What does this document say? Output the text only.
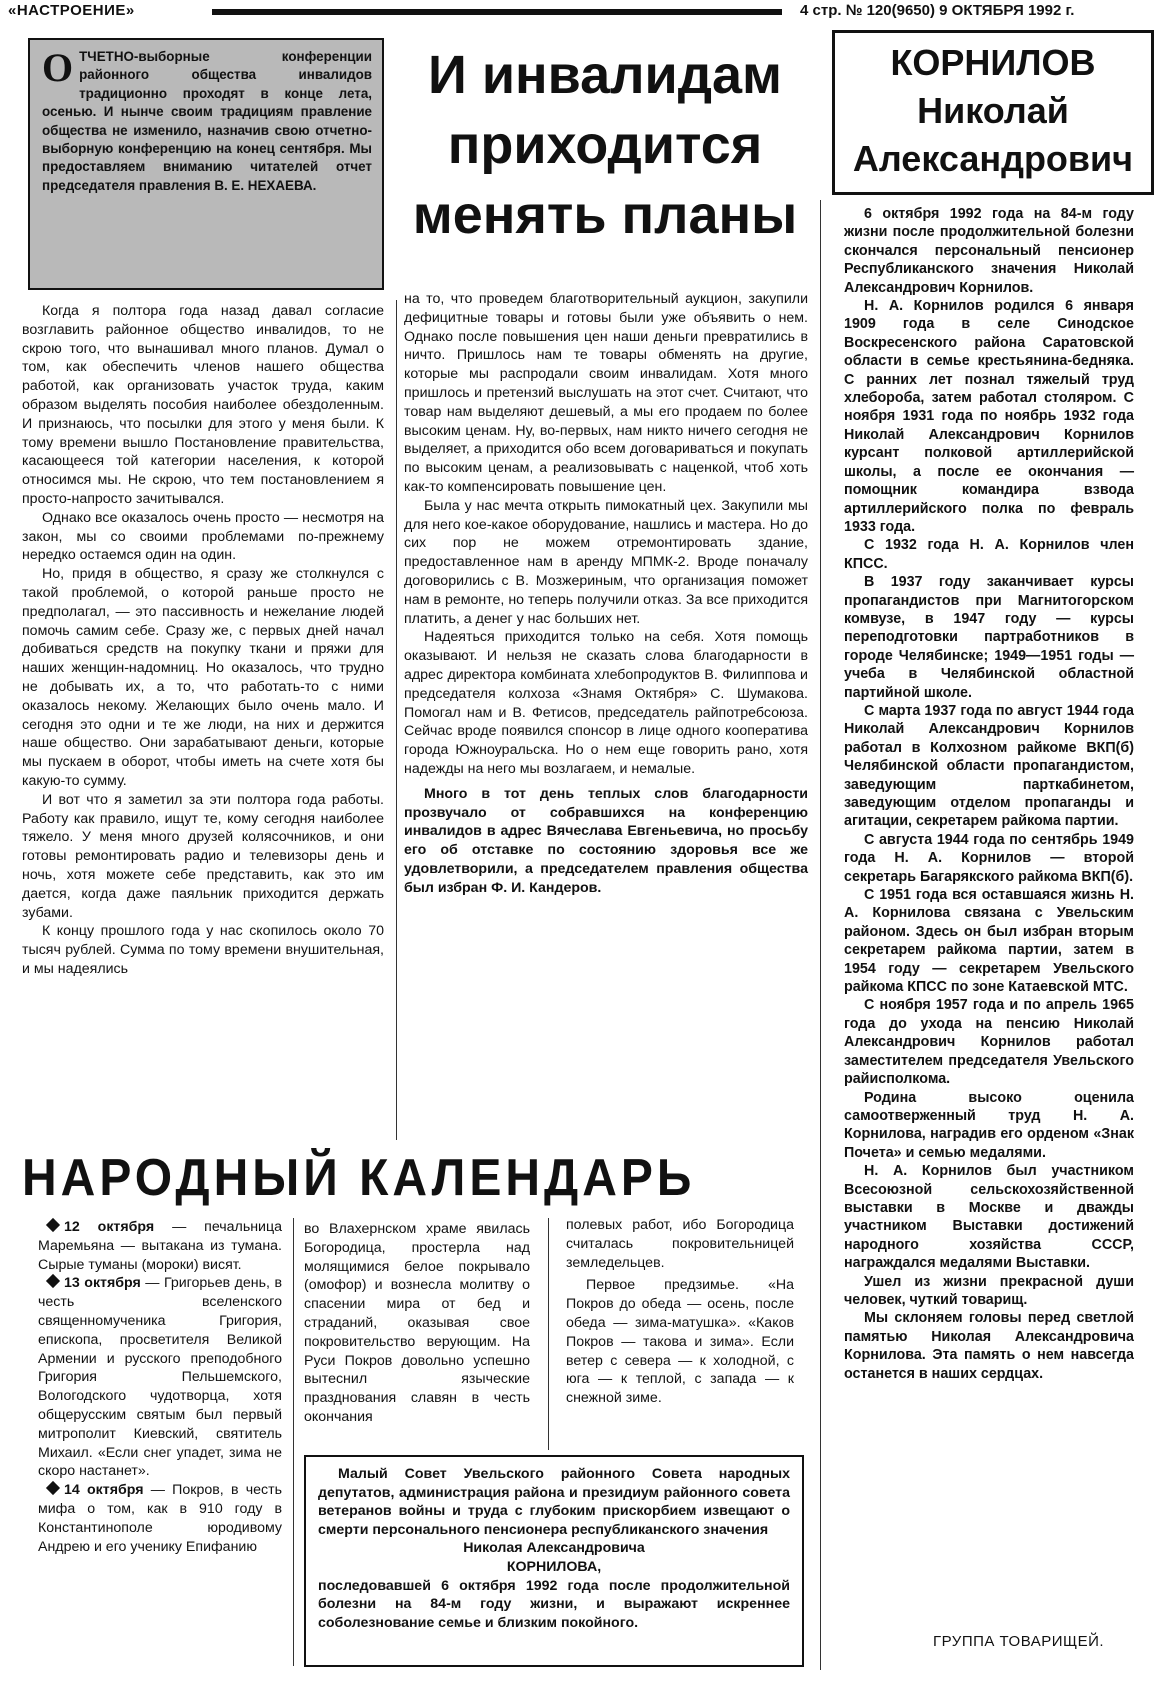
«НАСТРОЕНИЕ»	4 стр. № 120(9650) 9 ОКТЯБРЯ 1992 г.

ОТЧЕТНО-выборные конференции районного общества инвалидов традиционно проходят в конце лета, осенью. И нынче своим традициям правление общества не изменило, назначив свою отчетно-выборную конференцию на конец сентября. Мы предоставляем вниманию читателей отчет председателя правления В. Е. НЕХАЕВА.

И инвалидам
приходится
менять планы
КОРНИЛОВ
Николай
Александрович

Когда я полтора года назад давал согласие возглавить районное общество инвалидов, то не скрою того, что вынашивал много планов. Думал о том, как обеспечить членов нашего общества работой, как организовать участок труда, каким образом выделять пособия наиболее обездоленным. И признаюсь, что посылки для этого у меня были. К тому времени вышло Постановление правительства, касающееся той категории населения, к которой относимся мы. Не скрою, что тем постановлением я просто-напросто зачитывался.

Однако все оказалось очень просто — несмотря на закон, мы со своими проблемами по-прежнему нередко остаемся один на один.

Но, придя в общество, я сразу же столкнулся с такой проблемой, о которой раньше просто не предполагал, — это пассивность и нежелание людей помочь самим себе. Сразу же, с первых дней начал добиваться средств на покупку ткани и пряжи для наших женщин-надомниц. Но оказалось, что трудно не добывать их, а то, что работать-то с ними оказалось некому. Желающих было очень мало. И сегодня это одни и те же люди, на них и держится наше общество. Они зарабатывают деньги, которые мы пускаем в оборот, чтобы иметь на счете хотя бы какую-то сумму.

И вот что я заметил за эти полтора года работы. Работу как правило, ищут те, кому сегодня наиболее тяжело. У меня много друзей колясочников, и они готовы ремонтировать радио и телевизоры день и ночь, хотя можете себе представить, как это им дается, когда даже паяльник приходится держать зубами.

К концу прошлого года у нас скопилось около 70 тысяч рублей. Сумма по тому времени внушительная, и мы надеялись

на то, что проведем благотворительный аукцион, закупили дефицитные товары и готовы были уже объявить о нем. Однако после повышения цен наши деньги превратились в ничто. Пришлось нам те товары обменять на другие, которые мы распродали своим инвалидам. Хотя много пришлось и претензий выслушать на этот счет. Считают, что товар нам выделяют дешевый, а мы его продаем по более высоким ценам. Ну, во-первых, нам никто ничего сегодня не выделяет, а приходится обо всем договариваться и покупать по высоким ценам, а реализовывать с наценкой, чтоб хоть как-то компенсировать повышение цен.

Была у нас мечта открыть пимокатный цех. Закупили мы для него кое-какое оборудование, нашлись и мастера. Но до сих пор не можем отремонтировать здание, предоставленное нам в аренду МПМК-2. Вроде поначалу договорились с В. Мозжериным, что организация поможет нам в ремонте, но теперь получили отказ. За все приходится платить, а денег у нас больших нет.

Надеяться приходится только на себя. Хотя помощь оказывают. И нельзя не сказать слова благодарности в адрес директора комбината хлебопродуктов В. Филиппова и председателя колхоза «Знамя Октября» С. Шумакова. Помогал нам и В. Фетисов, председатель райпотребсоюза. Сейчас вроде появился спонсор в лице одного кооператива города Южноуральска. Но о нем еще говорить рано, хотя надежды на него мы возлагаем, и немалые.

Много в тот день теплых слов благодарности прозвучало от собравшихся на конференцию инвалидов в адрес Вячеслава Евгеньевича, но просьбу его об отставке по состоянию здоровья все же удовлетворили, а председателем правления общества был избран Ф. И. Кандеров.

6 октября 1992 года на 84-м году жизни после продолжительной болезни скончался персональный пенсионер Республиканского значения Николай Александрович Корнилов.

Н. А. Корнилов родился 6 января 1909 года в селе Синодское Воскресенского района Саратовской области в семье крестьянина-бедняка. С ранних лет познал тяжелый труд хлебороба, затем работал столяром. С ноября 1931 года по ноябрь 1932 года Николай Александрович Корнилов курсант полковой артиллерийской школы, а после ее окончания — помощник командира взвода артиллерийского полка по февраль 1933 года.

С 1932 года Н. А. Корнилов член КПСС.

В 1937 году заканчивает курсы пропагандистов при Магнитогорском комвузе, в 1947 году — курсы переподготовки партработников в городе Челябинске; 1949—1951 годы — учеба в Челябинской областной партийной школе.

С марта 1937 года по август 1944 года Николай Александрович Корнилов работал в Колхозном райкоме ВКП(б) Челябинской области пропагандистом, заведующим парткабинетом, заведующим отделом пропаганды и агитации, секретарем райкома партии.

С августа 1944 года по сентябрь 1949 года Н. А. Корнилов — второй секретарь Багарякского райкома ВКП(б).

С 1951 года вся оставшаяся жизнь Н. А. Корнилова связана с Увельским районом. Здесь он был избран вторым секретарем райкома партии, затем в 1954 году — секретарем Увельского райкома КПСС по зоне Катаевской МТС.

С ноября 1957 года и по апрель 1965 года до ухода на пенсию Николай Александрович Корнилов работал заместителем председателя Увельского райисполкома.

Родина высоко оценила самоотверженный труд Н. А. Корнилова, наградив его орденом «Знак Почета» и семью медалями.

Н. А. Корнилов был участником Всесоюзной сельскохозяйственной выставки в Москве и дважды участником Выставки достижений народного хозяйства СССР, награждался медалями Выставки.

Ушел из жизни прекрасной души человек, чуткий товарищ.

Мы склоняем головы перед светлой памятью Николая Александровича Корнилова. Эта память о нем навсегда останется в наших сердцах.

ГРУППА ТОВАРИЩЕЙ.
НАРОДНЫЙ КАЛЕНДАРЬ

12 октября — печальница Маремьяна — вытакана из тумана. Сырые туманы (мороки) висят.

13 октября — Григорьев день, в честь вселенского священномученика Григория, епископа, просветителя Великой Армении и русского преподобного Григория Пельшемского, Вологодского чудотворца, хотя общерусским святым был первый митрополит Киевский, святитель Михаил. «Если снег упадет, зима не скоро настанет».

14 октября — Покров, в честь мифа о том, как в 910 году в Константинополе юродивому Андрею и его ученику Епифанию

во Влахернском храме явилась Богородица, простерла над молящимися белое покрывало (омофор) и вознесла молитву о спасении мира от бед и страданий, оказывая свое покровительство верующим. На Руси Покров довольно успешно вытеснил языческие празднования славян в честь окончания

полевых работ, ибо Богородица считалась покровительницей земледельцев.

Первое предзимье. «На Покров до обеда — осень, после обеда — зима-матушка». «Каков Покров — такова и зима». Если ветер с севера — к холодной, с юга — к теплой, с запада — к снежной зиме.

Малый Совет Увельского районного Совета народных депутатов, администрация района и президиум районного совета ветеранов войны и труда с глубоким прискорбием извещают о смерти персонального пенсионера республиканского значения

Николая Александровича

КОРНИЛОВА,

последовавшей 6 октября 1992 года после продолжительной болезни на 84-м году жизни, и выражают искреннее соболезнование семье и близким покойного.
